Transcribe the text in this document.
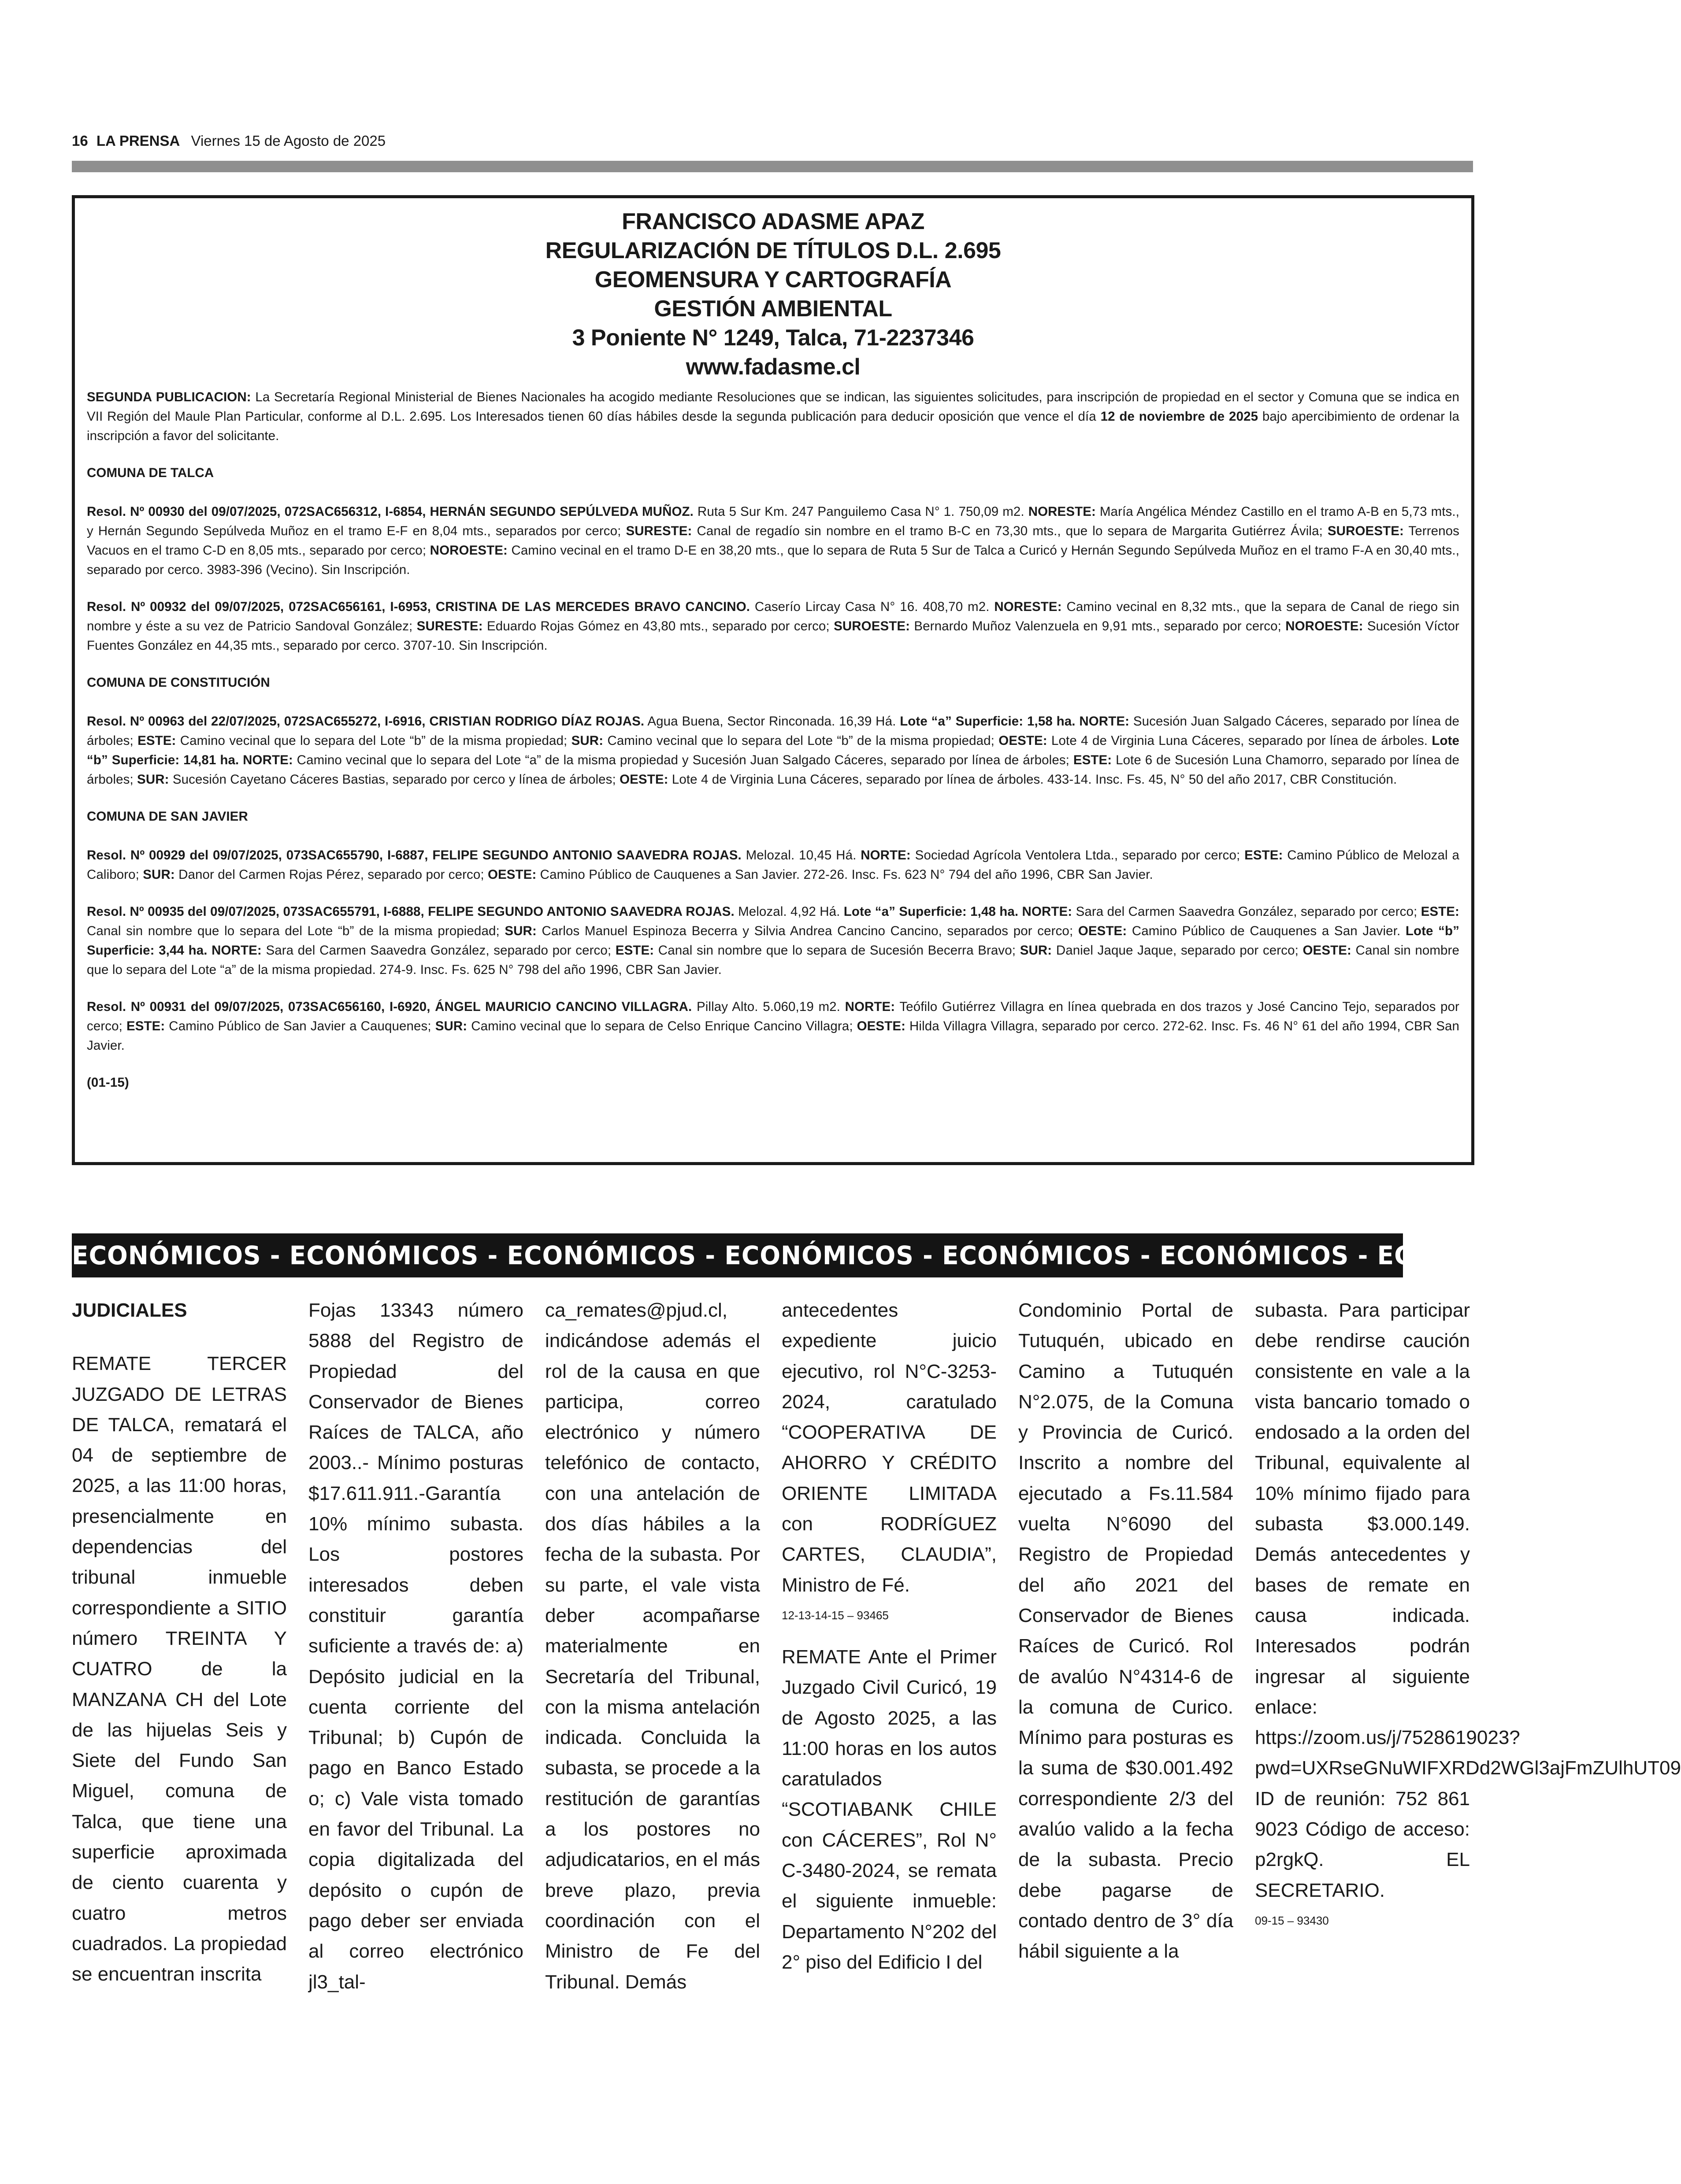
16 LA PRENSA Viernes 15 de Agosto de 2025
FRANCISCO ADASME APAZ
REGULARIZACIÓN DE TÍTULOS D.L. 2.695
GEOMENSURA Y CARTOGRAFÍA
GESTIÓN AMBIENTAL
3 Poniente N° 1249, Talca, 71-2237346
www.fadasme.cl

SEGUNDA PUBLICACION: La Secretaría Regional Ministerial de Bienes Nacionales ha acogido mediante Resoluciones que se indican, las siguientes solicitudes, para inscripción de propiedad en el sector y Comuna que se indica en VII Región del Maule Plan Particular, conforme al D.L. 2.695. Los Interesados tienen 60 días hábiles desde la segunda publicación para deducir oposición que vence el día 12 de noviembre de 2025 bajo apercibimiento de ordenar la inscripción a favor del solicitante.

COMUNA DE TALCA

Resol. Nº 00930 del 09/07/2025, 072SAC656312, I-6854, HERNÁN SEGUNDO SEPÚLVEDA MUÑOZ. Ruta 5 Sur Km. 247 Panguilemo Casa N° 1. 750,09 m2. NORESTE: María Angélica Méndez Castillo en el tramo A-B en 5,73 mts., y Hernán Segundo Sepúlveda Muñoz en el tramo E-F en 8,04 mts., separados por cerco; SURESTE: Canal de regadío sin nombre en el tramo B-C en 73,30 mts., que lo separa de Margarita Gutiérrez Ávila; SUROESTE: Terrenos Vacuos en el tramo C-D en 8,05 mts., separado por cerco; NOROESTE: Camino vecinal en el tramo D-E en 38,20 mts., que lo separa de Ruta 5 Sur de Talca a Curicó y Hernán Segundo Sepúlveda Muñoz en el tramo F-A en 30,40 mts., separado por cerco. 3983-396 (Vecino). Sin Inscripción.

Resol. Nº 00932 del 09/07/2025, 072SAC656161, I-6953, CRISTINA DE LAS MERCEDES BRAVO CANCINO. Caserío Lircay Casa N° 16. 408,70 m2. NORESTE: Camino vecinal en 8,32 mts., que la separa de Canal de riego sin nombre y éste a su vez de Patricio Sandoval González; SURESTE: Eduardo Rojas Gómez en 43,80 mts., separado por cerco; SUROESTE: Bernardo Muñoz Valenzuela en 9,91 mts., separado por cerco; NOROESTE: Sucesión Víctor Fuentes González en 44,35 mts., separado por cerco. 3707-10. Sin Inscripción.

COMUNA DE CONSTITUCIÓN

Resol. Nº 00963 del 22/07/2025, 072SAC655272, I-6916, CRISTIAN RODRIGO DÍAZ ROJAS. Agua Buena, Sector Rinconada. 16,39 Há. Lote “a” Superficie: 1,58 ha. NORTE: Sucesión Juan Salgado Cáceres, separado por línea de árboles; ESTE: Camino vecinal que lo separa del Lote “b” de la misma propiedad; SUR: Camino vecinal que lo separa del Lote “b” de la misma propiedad; OESTE: Lote 4 de Virginia Luna Cáceres, separado por línea de árboles. Lote “b” Superficie: 14,81 ha. NORTE: Camino vecinal que lo separa del Lote “a” de la misma propiedad y Sucesión Juan Salgado Cáceres, separado por línea de árboles; ESTE: Lote 6 de Sucesión Luna Chamorro, separado por línea de árboles; SUR: Sucesión Cayetano Cáceres Bastias, separado por cerco y línea de árboles; OESTE: Lote 4 de Virginia Luna Cáceres, separado por línea de árboles. 433-14. Insc. Fs. 45, N° 50 del año 2017, CBR Constitución.

COMUNA DE SAN JAVIER

Resol. Nº 00929 del 09/07/2025, 073SAC655790, I-6887, FELIPE SEGUNDO ANTONIO SAAVEDRA ROJAS. Melozal. 10,45 Há. NORTE: Sociedad Agrícola Ventolera Ltda., separado por cerco; ESTE: Camino Público de Melozal a Caliboro; SUR: Danor del Carmen Rojas Pérez, separado por cerco; OESTE: Camino Público de Cauquenes a San Javier. 272-26. Insc. Fs. 623 N° 794 del año 1996, CBR San Javier.

Resol. Nº 00935 del 09/07/2025, 073SAC655791, I-6888, FELIPE SEGUNDO ANTONIO SAAVEDRA ROJAS. Melozal. 4,92 Há. Lote “a” Superficie: 1,48 ha. NORTE: Sara del Carmen Saavedra González, separado por cerco; ESTE: Canal sin nombre que lo separa del Lote “b” de la misma propiedad; SUR: Carlos Manuel Espinoza Becerra y Silvia Andrea Cancino Cancino, separados por cerco; OESTE: Camino Público de Cauquenes a San Javier. Lote “b” Superficie: 3,44 ha. NORTE: Sara del Carmen Saavedra González, separado por cerco; ESTE: Canal sin nombre que lo separa de Sucesión Becerra Bravo; SUR: Daniel Jaque Jaque, separado por cerco; OESTE: Canal sin nombre que lo separa del Lote “a” de la misma propiedad. 274-9. Insc. Fs. 625 N° 798 del año 1996, CBR San Javier.

Resol. Nº 00931 del 09/07/2025, 073SAC656160, I-6920, ÁNGEL MAURICIO CANCINO VILLAGRA. Pillay Alto. 5.060,19 m2. NORTE: Teófilo Gutiérrez Villagra en línea quebrada en dos trazos y José Cancino Tejo, separados por cerco; ESTE: Camino Público de San Javier a Cauquenes; SUR: Camino vecinal que lo separa de Celso Enrique Cancino Villagra; OESTE: Hilda Villagra Villagra, separado por cerco. 272-62. Insc. Fs. 46 N° 61 del año 1994, CBR San Javier.

(01-15)

ECONÓMICOS - ECONÓMICOS - ECONÓMICOS - ECONÓMICOS - ECONÓMICOS - ECONÓMICOS - ECONÓMICOS

JUDICIALES

REMATE TERCER JUZGADO DE LETRAS DE TALCA, rematará el 04 de septiembre de 2025, a las 11:00 horas, presencialmente en dependencias del tribunal inmueble correspondiente a SITIO número TREINTA Y CUATRO de la MANZANA CH del Lote de las hijuelas Seis y Siete del Fundo San Miguel, comuna de Talca, que tiene una superficie aproximada de ciento cuarenta y cuatro metros cuadrados. La propiedad se encuentran inscrita

Fojas 13343 número 5888 del Registro de Propiedad del Conservador de Bienes Raíces de TALCA, año 2003..- Mínimo posturas $17.611.911.-Garantía 10% mínimo subasta. Los postores interesados deben constituir garantía suficiente a través de: a) Depósito judicial en la cuenta corriente del Tribunal; b) Cupón de pago en Banco Estado o; c) Vale vista tomado en favor del Tribunal. La copia digitalizada del depósito o cupón de pago deber ser enviada al correo electrónico jl3_tal-

ca_remates@pjud.cl, indicándose además el rol de la causa en que participa, correo electrónico y número telefónico de contacto, con una antelación de dos días hábiles a la fecha de la subasta. Por su parte, el vale vista deber acompañarse materialmente en Secretaría del Tribunal, con la misma antelación indicada. Concluida la subasta, se procede a la restitución de garantías a los postores no adjudicatarios, en el más breve plazo, previa coordinación con el Ministro de Fe del Tribunal. Demás

antecedentes expediente juicio ejecutivo, rol N°C-3253-2024, caratulado “COOPERATIVA DE AHORRO Y CRÉDITO ORIENTE LIMITADA con RODRÍGUEZ CARTES, CLAUDIA”, Ministro de Fé.

12-13-14-15 – 93465

REMATE Ante el Primer Juzgado Civil Curicó, 19 de Agosto 2025, a las 11:00 horas en los autos caratulados “SCOTIABANK CHILE con CÁCERES”, Rol N° C-3480-2024, se remata el siguiente inmueble: Departamento N°202 del 2° piso del Edificio I del

Condominio Portal de Tutuquén, ubicado en Camino a Tutuquén N°2.075, de la Comuna y Provincia de Curicó. Inscrito a nombre del ejecutado a Fs.11.584 vuelta N°6090 del Registro de Propiedad del año 2021 del Conservador de Bienes Raíces de Curicó. Rol de avalúo N°4314-6 de la comuna de Curico. Mínimo para posturas es la suma de $30.001.492 correspondiente 2/3 del avalúo valido a la fecha de la subasta. Precio debe pagarse de contado dentro de 3° día hábil siguiente a la

subasta. Para participar debe rendirse caución consistente en vale a la vista bancario tomado o endosado a la orden del Tribunal, equivalente al 10% mínimo fijado para subasta $3.000.149. Demás antecedentes y bases de remate en causa indicada. Interesados podrán ingresar al siguiente enlace: https://zoom.us/j/7528619023?pwd=UXRseGNuWIFXRDd2WGl3ajFmZUlhUT09 ID de reunión: 752 861 9023 Código de acceso: p2rgkQ. EL SECRETARIO.

09-15 – 93430
